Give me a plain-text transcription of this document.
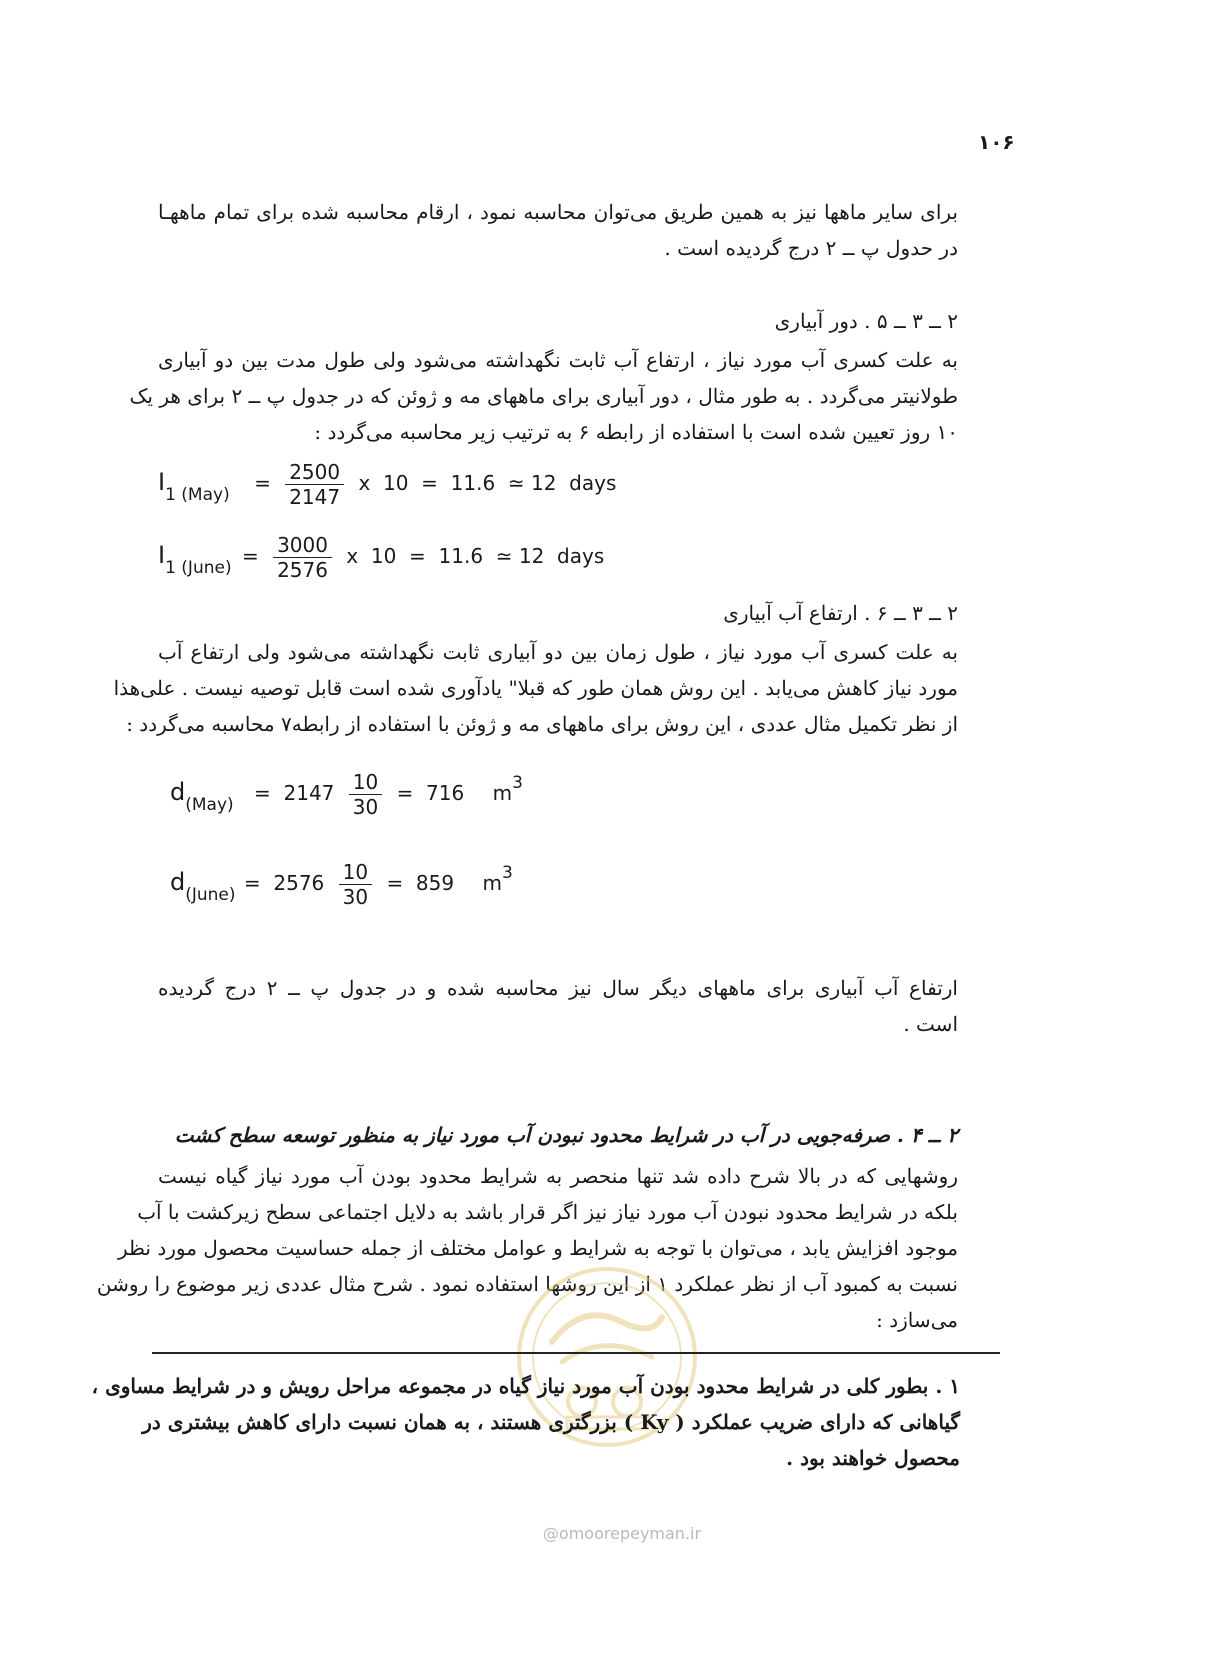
۱۰۶
برای سایر ماهها نیز به همین طریق می‌توان محاسبه نمود ، ارقام محاسبه شده برای تمام ماههـا
در حدول پ ــ ۲ درج گردیده است .
۲ ــ ۳ ــ ۵ . دور آبیاری
به علت کسری آب مورد نیاز ، ارتفاع آب ثابت نگهداشته می‌شود ولی طول مدت بین دو آبیاری
طولانیتر می‌گردد . به طور مثال ، دور آبیاری برای ماههای مه و ژوئن که در جدول پ ــ ۲ برای هر یک
۱۰ روز تعیین شده است با استفاده از رابطه ۶ به ترتیب زیر محاسبه می‌گردد :
$I_{1 (May)} = \frac{2500}{2147}$ x  10  =  11.6  ≃ 12  days
$I_{1 (June)} = \frac{3000}{2576}$ x  10  =  11.6  ≃ 12  days
۲ ــ ۳ ــ ۶ . ارتفاع آب آبیاری
به علت کسری آب مورد نیاز ، طول زمان بین دو آبیاری ثابت نگهداشته می‌شود ولی ارتفاع آب
مورد نیاز کاهش می‌یابد . این روش همان طور که قبلا" یادآوری شده است قابل توصیه نیست . علی‌هذا
از نظر تکمیل مثال عددی ، این روش برای ماههای مه و ژوئن با استفاده از رابطه۷ محاسبه می‌گردد :
$d_{(May)} = 2147 \frac{10}{30} = 716$ $m^3$
$d_{(June)} = 2576 \frac{10}{30} = 859$ $m^3$
ارتفاع آب آبیاری برای ماههای دیگر سال نیز محاسبه شده و در جدول پ ــ ۲ درج گردیده
است .
۲ ــ ۴ . صرفه‌جویی در آب در شرایط محدود نبودن آب مورد نیاز به منظور توسعه سطح کشت
روشهایی که در بالا شرح داده شد تنها منحصر به شرایط محدود بودن آب مورد نیاز گیاه نیست
بلکه در شرایط محدود نبودن آب مورد نیاز نیز اگر قرار باشد به دلایل اجتماعی سطح زیرکشت با آب
موجود افزایش یابد ، می‌توان با توجه به شرایط و عوامل مختلف از جمله حساسیت محصول مورد نظر
نسبت به کمبود آب از نظر عملکرد ۱ از این روشها استفاده نمود . شرح مثال عددی زیر موضوع را روشن
می‌سازد :
۱ . بطور کلی در شرایط محدود بودن آب مورد نیاز گیاه در مجموعه مراحل رویش و در شرایط مساوی ،
گیاهانی که دارای ضریب عملکرد ( Ky ) بزرگتری هستند ، به همان نسبت دارای کاهش بیشتری در
محصول خواهند بود .
@omoorepeyman.ir
